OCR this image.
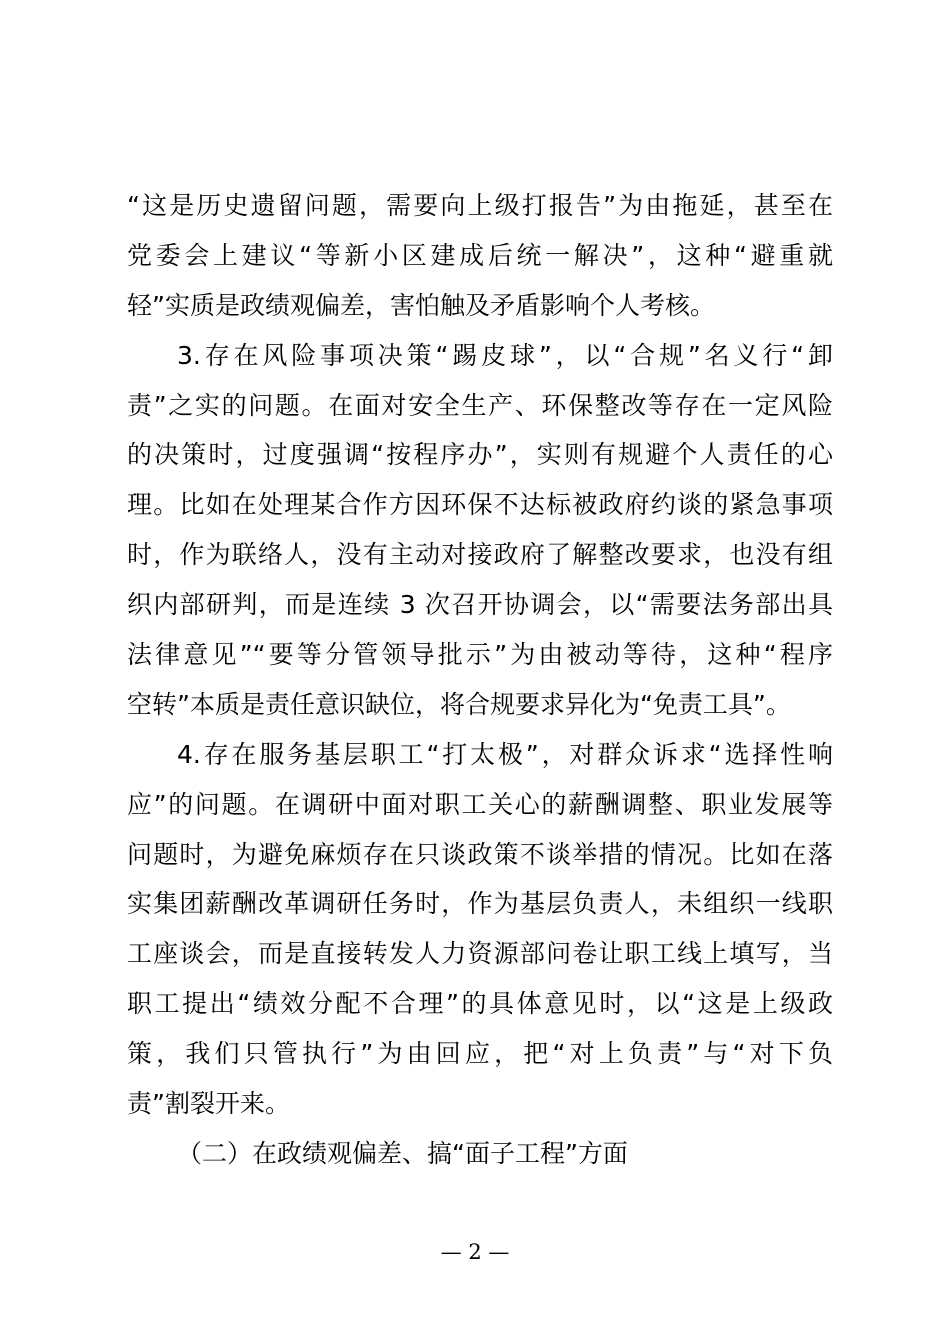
“这是历史遗留问题，需要向上级打报告”为由拖延，甚至在
党委会上建议“等新小区建成后统一解决”，这种“避重就
轻”实质是政绩观偏差，害怕触及矛盾影响个人考核。
3.存在风险事项决策“踢皮球”，以“合规”名义行“卸
责”之实的问题。在面对安全生产、环保整改等存在一定风险
的决策时，过度强调“按程序办”，实则有规避个人责任的心
理。比如在处理某合作方因环保不达标被政府约谈的紧急事项
时，作为联络人，没有主动对接政府了解整改要求，也没有组
织内部研判，而是连续 3 次召开协调会，以“需要法务部出具
法律意见”“要等分管领导批示”为由被动等待，这种“程序
空转”本质是责任意识缺位，将合规要求异化为“免责工具”。
4.存在服务基层职工“打太极”，对群众诉求“选择性响
应”的问题。在调研中面对职工关心的薪酬调整、职业发展等
问题时，为避免麻烦存在只谈政策不谈举措的情况。比如在落
实集团薪酬改革调研任务时，作为基层负责人，未组织一线职
工座谈会，而是直接转发人力资源部问卷让职工线上填写，当
职工提出“绩效分配不合理”的具体意见时，以“这是上级政
策，我们只管执行”为由回应，把“对上负责”与“对下负
责”割裂开来。
（二）在政绩观偏差、搞“面子工程”方面
— 2 —
